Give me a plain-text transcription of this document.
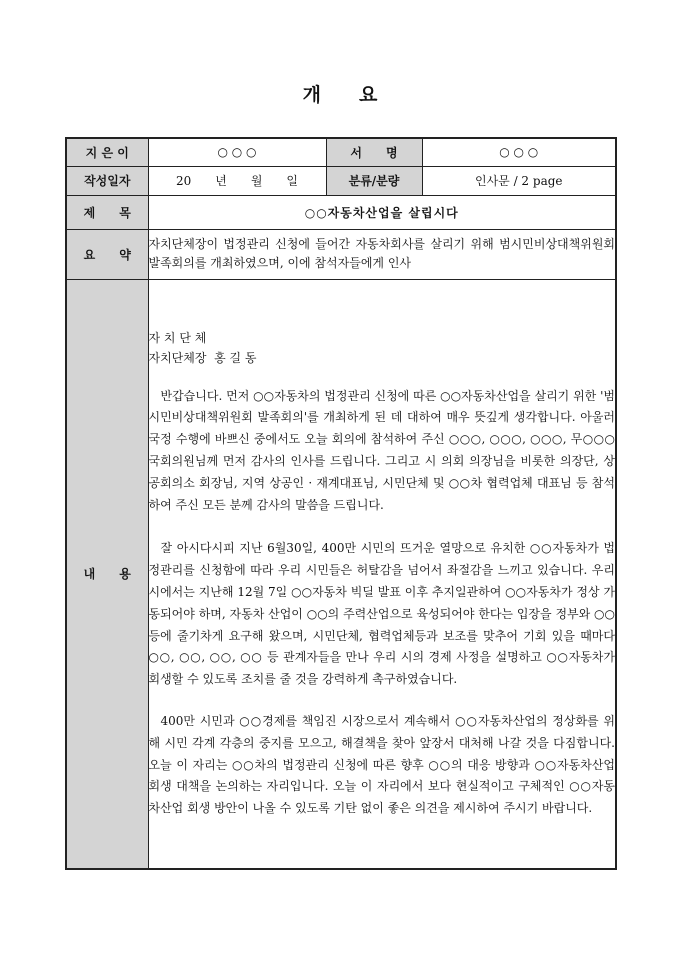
개 요
지 은 이	○ ○ ○	서　　명	○ ○ ○
작성일자	20　　년　　월　　일	분류/분량	인사문 / 2 page
제　　목	○○자동차산업을 살립시다		
요　　약	자치단체장이 법정관리 신청에 들어간 자동차회사를 살리기 위해 범시민비상대책위원회 발족회의를 개최하였으며, 이에 참석자들에게 인사		
내　　용	자 치 단 체

자치단체장  홍 길 동

반갑습니다. 먼저 ○○자동차의 법정관리 신청에 따른 ○○자동차산업을 살리기 위한 '범시민비상대책위원회 발족회의'를 개최하게 된 데 대하여 매우 뜻깊게 생각합니다. 아울러 국정 수행에 바쁘신 중에서도 오늘 회의에 참석하여 주신 ○○○, ○○○, ○○○, 무○○○ 국회의원님께 먼저 감사의 인사를 드립니다. 그리고 시 의회 의장님을 비롯한 의장단, 상공회의소 회장님, 지역 상공인 · 재계대표님, 시민단체 및 ○○차 협력업체 대표님 등 참석하여 주신 모든 분께 감사의 말씀을 드립니다.

잘 아시다시피 지난 6월30일, 400만 시민의 뜨거운 열망으로 유치한 ○○자동차가 법정관리를 신청함에 따라 우리 시민들은 허탈감을 넘어서 좌절감을 느끼고 있습니다. 우리 시에서는 지난해 12월 7일 ○○자동차 빅딜 발표 이후 추지일관하여 ○○자동차가 정상 가동되어야 하며, 자동차 산업이 ○○의 주력산업으로 육성되어야 한다는 입장을 정부와 ○○ 등에 줄기차게 요구해 왔으며, 시민단체, 협력업체등과 보조를 맞추어 기회 있을 때마다 ○○, ○○, ○○, ○○ 등 관계자들을 만나 우리 시의 경제 사정을 설명하고 ○○자동차가 회생할 수 있도록 조치를 줄 것을 강력하게 촉구하였습니다.

400만 시민과 ○○경제를 책임진 시장으로서 계속해서 ○○자동차산업의 정상화를 위해 시민 각계 각층의 중지를 모으고, 해결책을 찾아 앞장서 대처해 나갈 것을 다짐합니다. 오늘 이 자리는 ○○차의 법정관리 신청에 따른 향후 ○○의 대응 방향과 ○○자동차산업 회생 대책을 논의하는 자리입니다. 오늘 이 자리에서 보다 현실적이고 구체적인 ○○자동차산업 회생 방안이 나올 수 있도록 기탄 없이 좋은 의견을 제시하여 주시기 바랍니다.		
